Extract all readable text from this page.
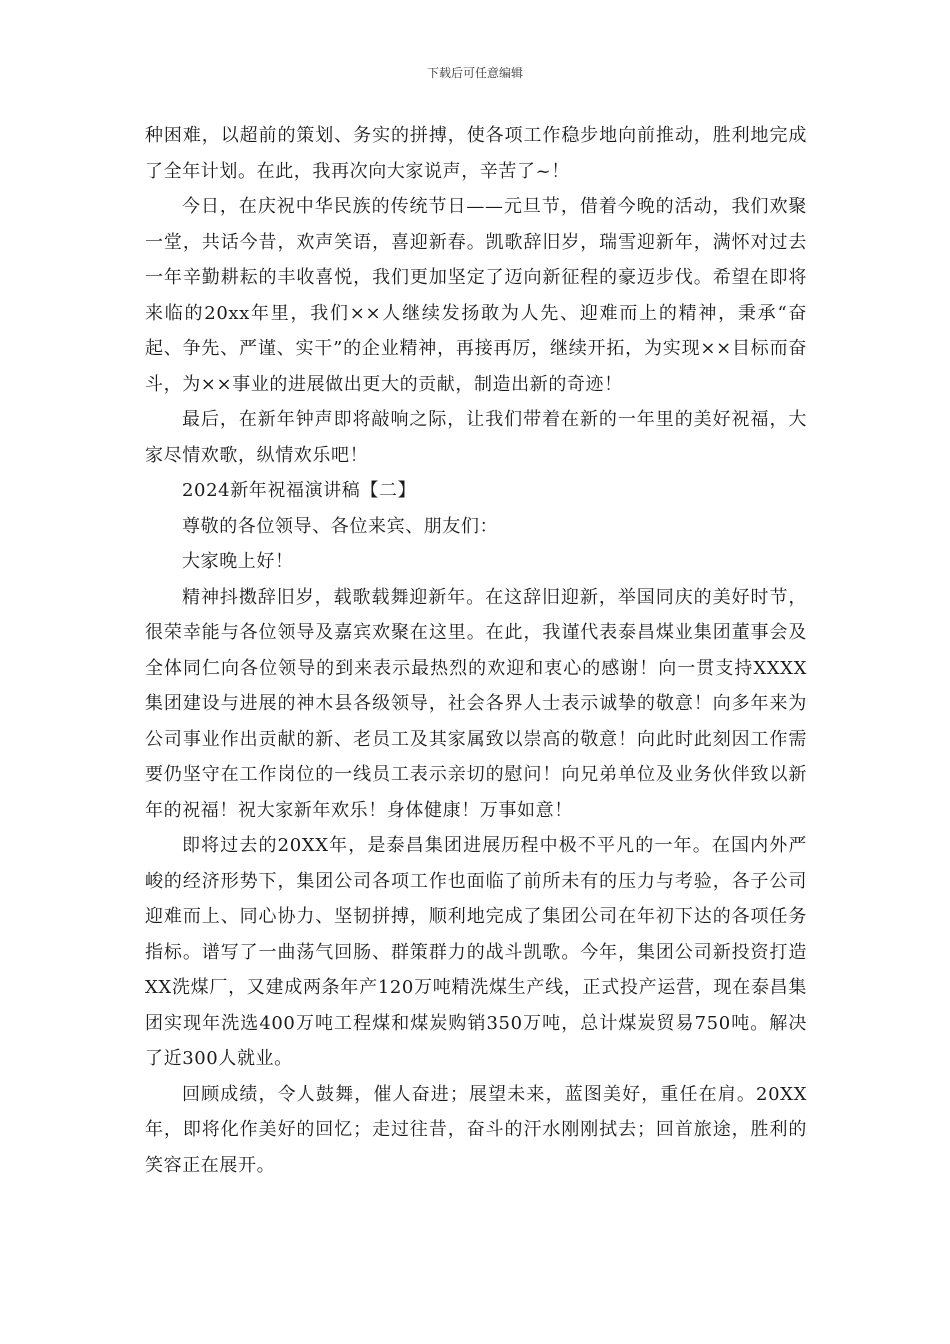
下载后可任意编辑

种困难，以超前的策划、务实的拼搏，使各项工作稳步地向前推动，胜利地完成了全年计划。在此，我再次向大家说声，辛苦了~！

今日，在庆祝中华民族的传统节日——元旦节，借着今晚的活动，我们欢聚一堂，共话今昔，欢声笑语，喜迎新春。凯歌辞旧岁，瑞雪迎新年，满怀对过去一年辛勤耕耘的丰收喜悦，我们更加坚定了迈向新征程的豪迈步伐。希望在即将来临的20xx年里，我们××人继续发扬敢为人先、迎难而上的精神，秉承“奋起、争先、严谨、实干”的企业精神，再接再厉，继续开拓，为实现××目标而奋斗，为××事业的进展做出更大的贡献，制造出新的奇迹！

最后，在新年钟声即将敲响之际，让我们带着在新的一年里的美好祝福，大家尽情欢歌，纵情欢乐吧！

2024新年祝福演讲稿【二】

尊敬的各位领导、各位来宾、朋友们：

大家晚上好！

精神抖擞辞旧岁，载歌载舞迎新年。在这辞旧迎新，举国同庆的美好时节，很荣幸能与各位领导及嘉宾欢聚在这里。在此，我谨代表泰昌煤业集团董事会及全体同仁向各位领导的到来表示最热烈的欢迎和衷心的感谢！向一贯支持XXXX集团建设与进展的神木县各级领导，社会各界人士表示诚挚的敬意！向多年来为公司事业作出贡献的新、老员工及其家属致以崇高的敬意！向此时此刻因工作需要仍坚守在工作岗位的一线员工表示亲切的慰问！向兄弟单位及业务伙伴致以新年的祝福！祝大家新年欢乐！身体健康！万事如意！

即将过去的20XX年，是泰昌集团进展历程中极不平凡的一年。在国内外严峻的经济形势下，集团公司各项工作也面临了前所未有的压力与考验，各子公司迎难而上、同心协力、坚韧拼搏，顺利地完成了集团公司在年初下达的各项任务指标。谱写了一曲荡气回肠、群策群力的战斗凯歌。今年，集团公司新投资打造XX洗煤厂，又建成两条年产120万吨精洗煤生产线，正式投产运营，现在泰昌集团实现年洗选400万吨工程煤和煤炭购销350万吨，总计煤炭贸易750吨。解决了近300人就业。

回顾成绩，令人鼓舞，催人奋进；展望未来，蓝图美好，重任在肩。20XX年，即将化作美好的回忆；走过往昔，奋斗的汗水刚刚拭去；回首旅途，胜利的笑容正在展开。
